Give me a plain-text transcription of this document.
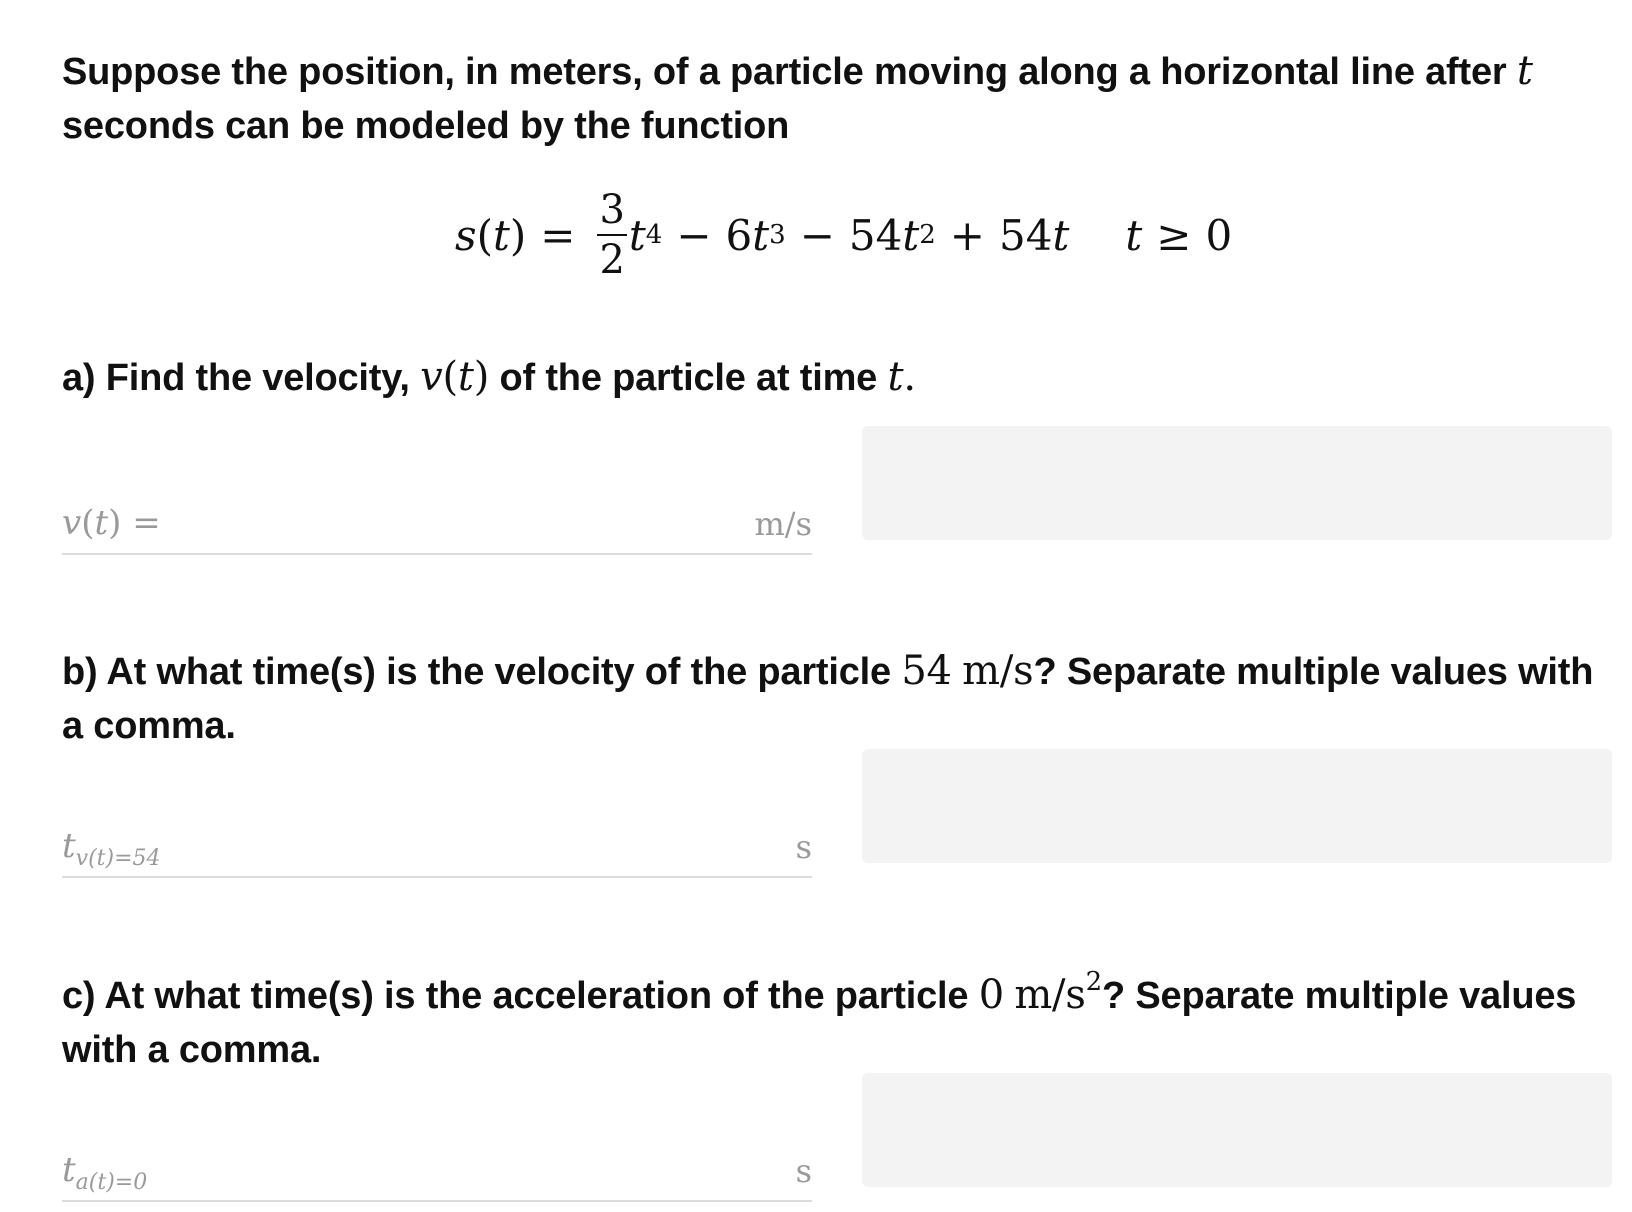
Suppose the position, in meters, of a particle moving along a horizontal line after t
seconds can be modeled by the function
s ( t ) = $\frac{3}{2}$ t 4 − 6 t 3 − 54 t 2 + 54 t t ≥ 0
a) Find the velocity, v(t) of the particle at time t.
v(t) =	m/s
b) At what time(s) is the velocity of the particle 54 m/s? Separate multiple values with
a comma.
$t_{v(t)=54}$	s
c) At what time(s) is the acceleration of the particle 0 $m/s^2$? Separate multiple values
with a comma.
$t_{a(t)=0}$	s
